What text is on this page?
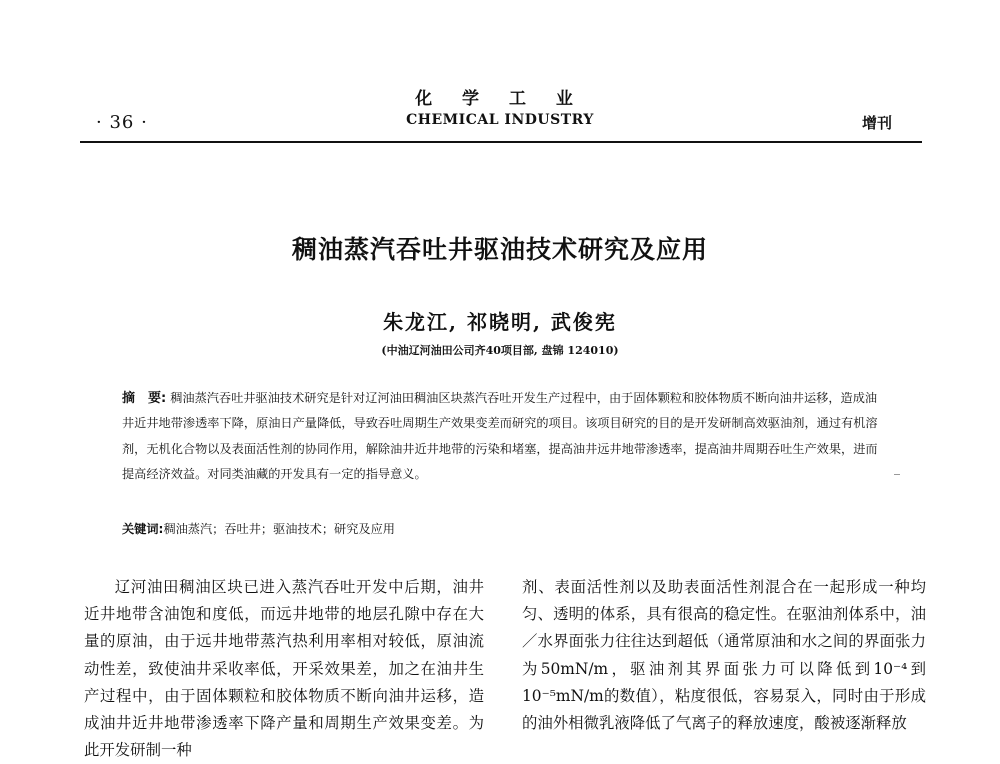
· 36 ·
化 学 工 业
CHEMICAL INDUSTRY	增刊
稠油蒸汽吞吐井驱油技术研究及应用
朱龙江, 祁晓明, 武俊宪
(中油辽河油田公司齐40项目部, 盘锦 124010)
摘　要: 稠油蒸汽吞吐井驱油技术研究是针对辽河油田稠油区块蒸汽吞吐开发生产过程中，由于固体颗粒和胶体物质不断向油井运移，造成油井近井地带渗透率下降，原油日产量降低，导致吞吐周期生产效果变差而研究的项目。该项目研究的目的是开发研制高效驱油剂，通过有机溶剂，无机化合物以及表面活性剂的协同作用，解除油井近井地带的污染和堵塞，提高油井远井地带渗透率，提高油井周期吞吐生产效果，进而提高经济效益。对同类油藏的开发具有一定的指导意义。
关键词:稠油蒸汽；吞吐井；驱油技术；研究及应用

辽河油田稠油区块已进入蒸汽吞吐开发中后期，油井近井地带含油饱和度低，而远井地带的地层孔隙中存在大量的原油，由于远井地带蒸汽热利用率相对较低，原油流动性差，致使油井采收率低，开采效果差，加之在油井生产过程中，由于固体颗粒和胶体物质不断向油井运移，造成油井近井地带渗透率下降产量和周期生产效果变差。为此开发研制一种

剂、表面活性剂以及助表面活性剂混合在一起形成一种均匀、透明的体系，具有很高的稳定性。在驱油剂体系中，油／水界面张力往往达到超低（通常原油和水之间的界面张力为50mN/m，驱油剂其界面张力可以降低到10⁻⁴到10⁻⁵mN/m的数值），粘度很低，容易泵入，同时由于形成的油外相微乳液降低了气离子的释放速度，酸被逐渐释放
